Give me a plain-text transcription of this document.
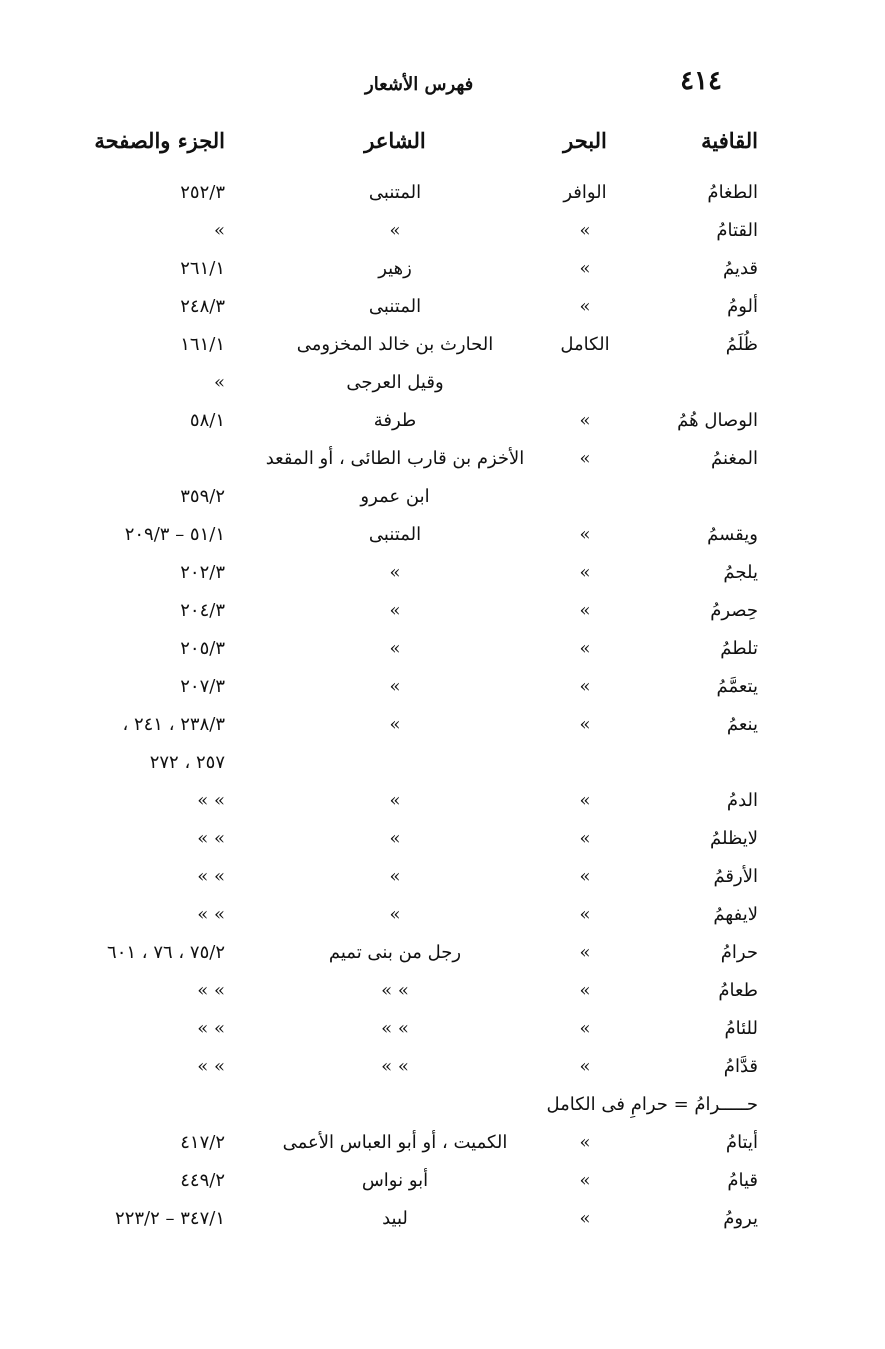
٤١٤
فهرس الأشعار
القافية
البحر
الشاعر
الجزء والصفحة
الطغامُ
الوافر
المتنبى
٢٥٢/٣
القتامُ
»
»
»
قديمُ
»
زهير
٢٦١/١
ألومُ
»
المتنبى
٢٤٨/٣
ظُلَمُ
الكامل
الحارث بن خالد المخزومى
١٦١/١
وقيل العرجى
»
الوصال هُمُ
»
طرفة
٥٨/١
المغنمُ
»
الأخزم بن قارب الطائى ، أو المقعد
ابن عمرو
٣٥٩/٢
ويقسمُ
»
المتنبى
٥١/١ – ٢٠٩/٣
يلجمُ
»
»
٢٠٢/٣
حِصرمُ
»
»
٢٠٤/٣
تلطمُ
»
»
٢٠٥/٣
يتعمَّمُ
»
»
٢٠٧/٣
ينعمُ
»
»
٢٣٨/٣ ، ٢٤١ ،
٢٥٧ ، ٢٧٢
الدمُ
»
»
» »
لايظلمُ
»
»
» »
الأرقمُ
»
»
» »
لايفهمُ
»
»
» »
حرامُ
»
رجل من بنى تميم
٧٥/٢ ، ٧٦ ، ٦٠١
طعامُ
»
» »
» »
للئامُ
»
» »
» »
قدَّامُ
»
» »
» »
حـــــرامُ = حرامِ فى الكامل
أيتامُ
»
الكميت ، أو أبو العباس الأعمى
٤١٧/٢
قيامُ
»
أبو نواس
٤٤٩/٢
يرومُ
»
لبيد
٣٤٧/١ – ٢٢٣/٢
